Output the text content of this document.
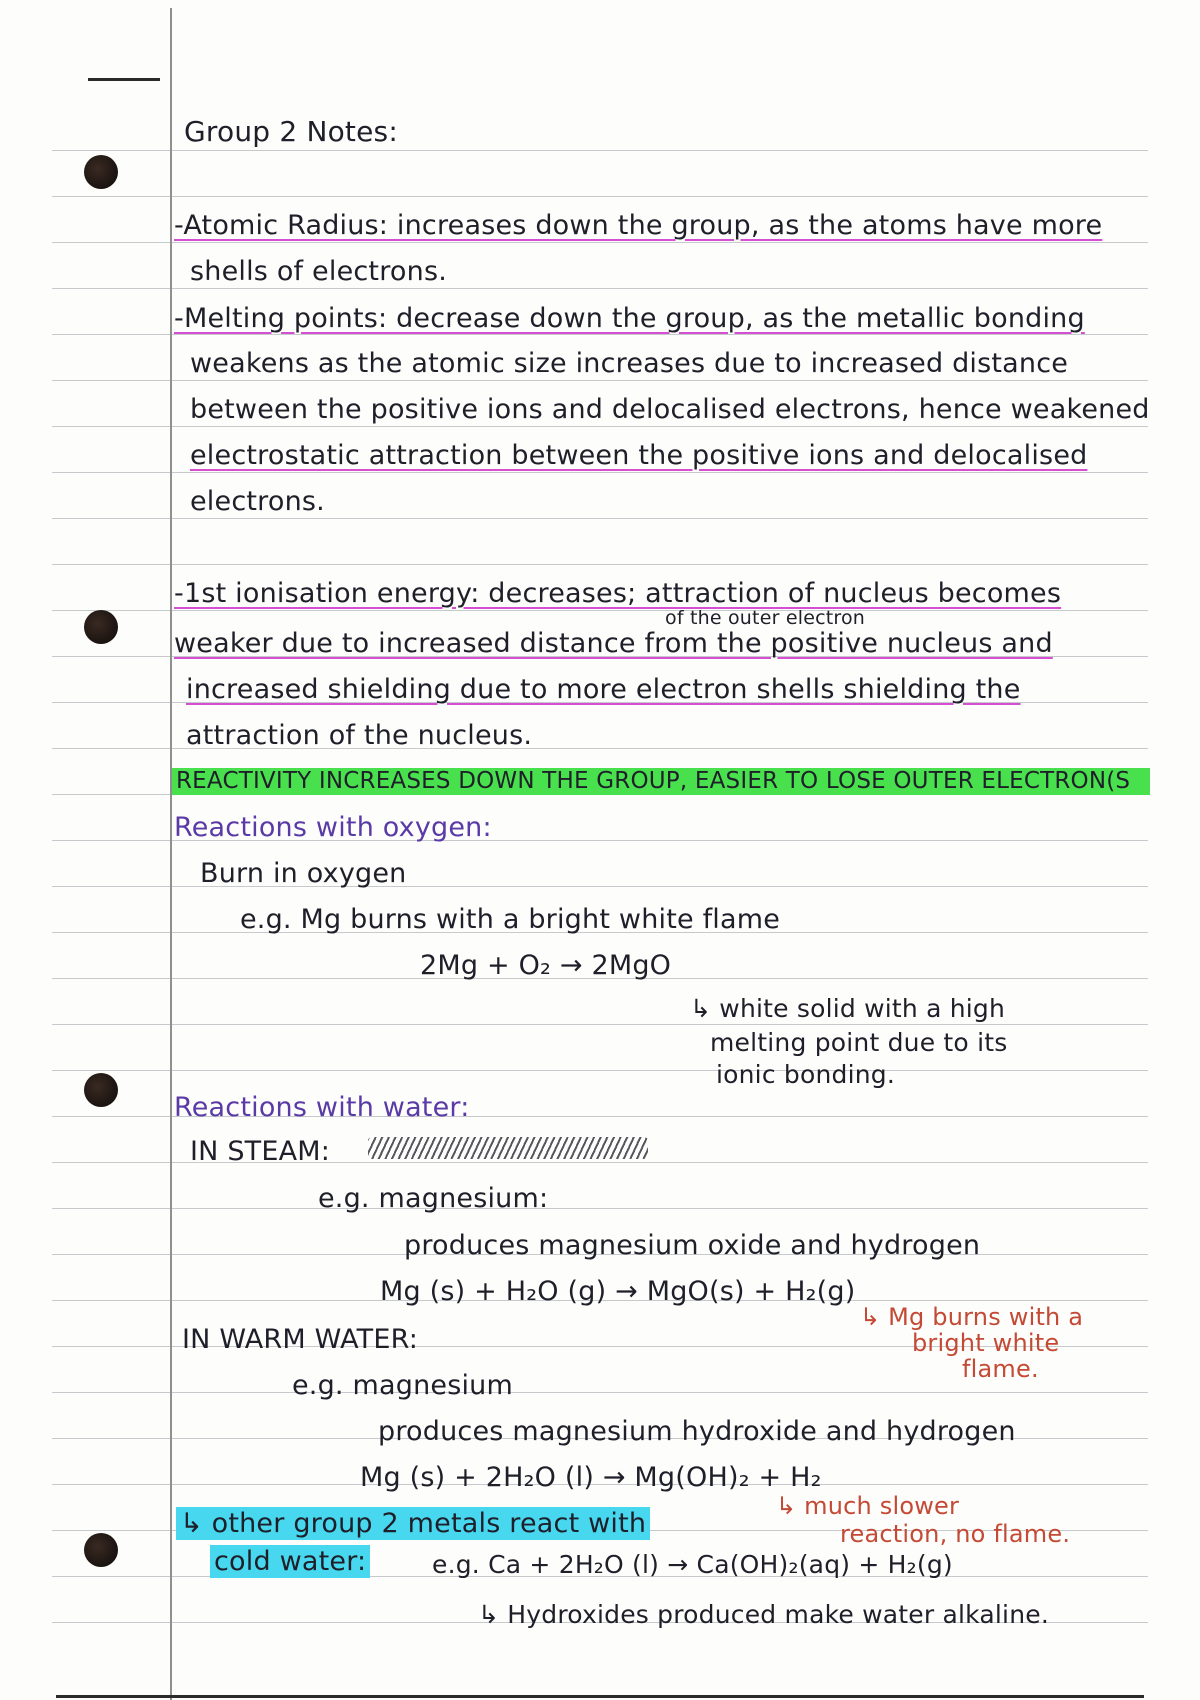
Group 2 Notes:
-Atomic Radius: increases down the group, as the atoms have more
shells of electrons.
-Melting points: decrease down the group, as the metallic bonding
weakens as the atomic size increases due to increased distance
between the positive ions and delocalised electrons, hence weakened
electrostatic attraction between the positive ions and delocalised
electrons.
-1st ionisation energy: decreases; attraction of nucleus becomes
of the outer electron
weaker due to increased distance from the positive nucleus and
increased shielding due to more electron shells shielding the
attraction of the nucleus.
REACTIVITY INCREASES DOWN THE GROUP, EASIER TO LOSE OUTER ELECTRON(S
Reactions with oxygen:
Burn in oxygen
e.g. Mg burns with a bright white flame
2Mg + O₂ → 2MgO
↳ white solid with a high
melting point due to its
ionic bonding.
Reactions with water:
IN STEAM:
e.g. magnesium:
produces magnesium oxide and hydrogen
Mg (s) + H₂O (g) → MgO(s) + H₂(g)
↳ Mg burns with a
bright white
flame.
IN WARM WATER:
e.g. magnesium
produces magnesium hydroxide and hydrogen
Mg (s) + 2H₂O (l) → Mg(OH)₂ + H₂
↳ much slower
reaction, no flame.
↳ other group 2 metals react with
cold water:	e.g. Ca + 2H₂O (l) → Ca(OH)₂(aq) + H₂(g)
↳ Hydroxides produced make water alkaline.
